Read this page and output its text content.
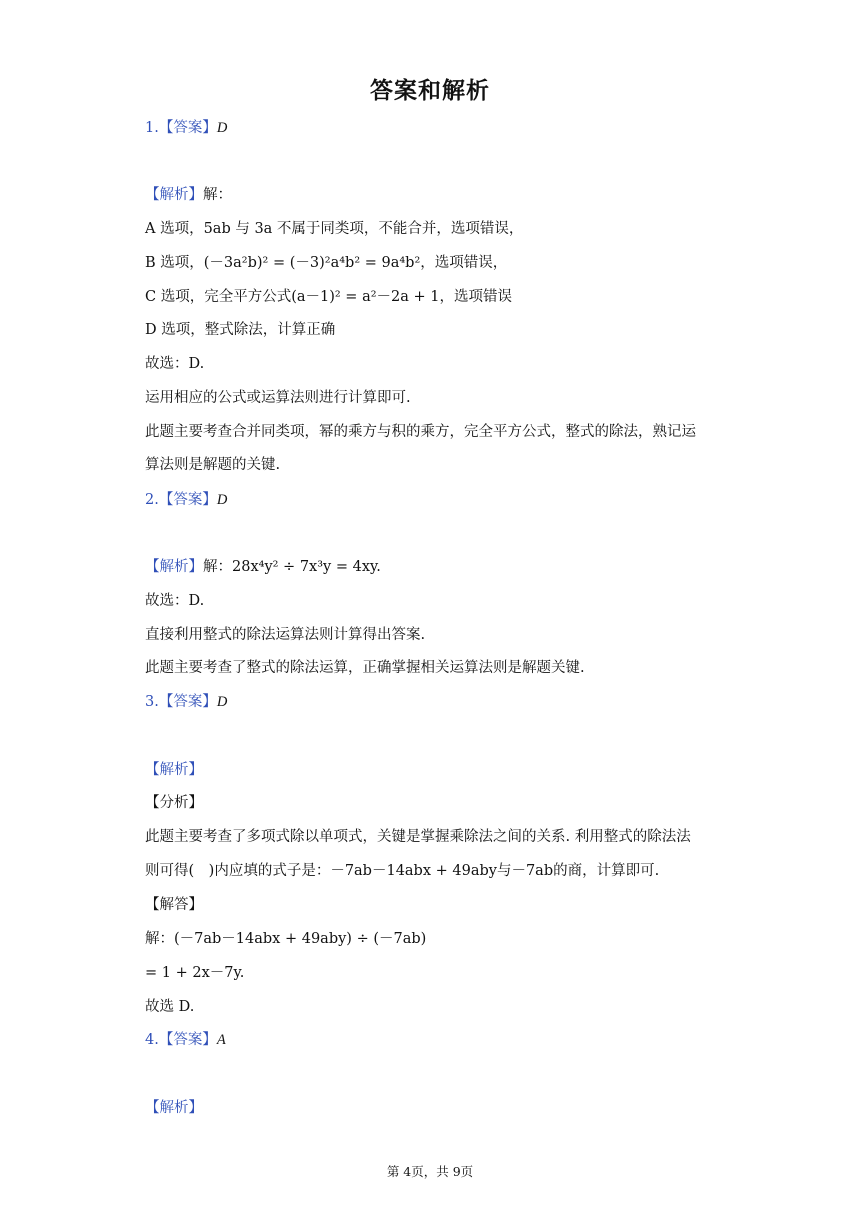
答案和解析
1.【答案】D
【解析】解：
A 选项，5ab 与 3a 不属于同类项，不能合并，选项错误，
B 选项，(－3a²b)² = (－3)²a⁴b² = 9a⁴b²，选项错误，
C 选项，完全平方公式(a－1)² = a²－2a + 1，选项错误
D 选项，整式除法，计算正确
故选：D.
运用相应的公式或运算法则进行计算即可.
此题主要考查合并同类项，幂的乘方与积的乘方，完全平方公式，整式的除法，熟记运
算法则是解题的关键.
2.【答案】D
【解析】解：28x⁴y² ÷ 7x³y = 4xy.
故选：D.
直接利用整式的除法运算法则计算得出答案.
此题主要考查了整式的除法运算，正确掌握相关运算法则是解题关键.
3.【答案】D
【解析】
【分析】
此题主要考查了多项式除以单项式，关键是掌握乘除法之间的关系. 利用整式的除法法
则可得(　)内应填的式子是：－7ab－14abx + 49aby与－7ab的商，计算即可.
【解答】
解：(－7ab－14abx + 49aby) ÷ (－7ab)
= 1 + 2x－7y.
故选 D.
4.【答案】A
【解析】
第 4页，共 9页
